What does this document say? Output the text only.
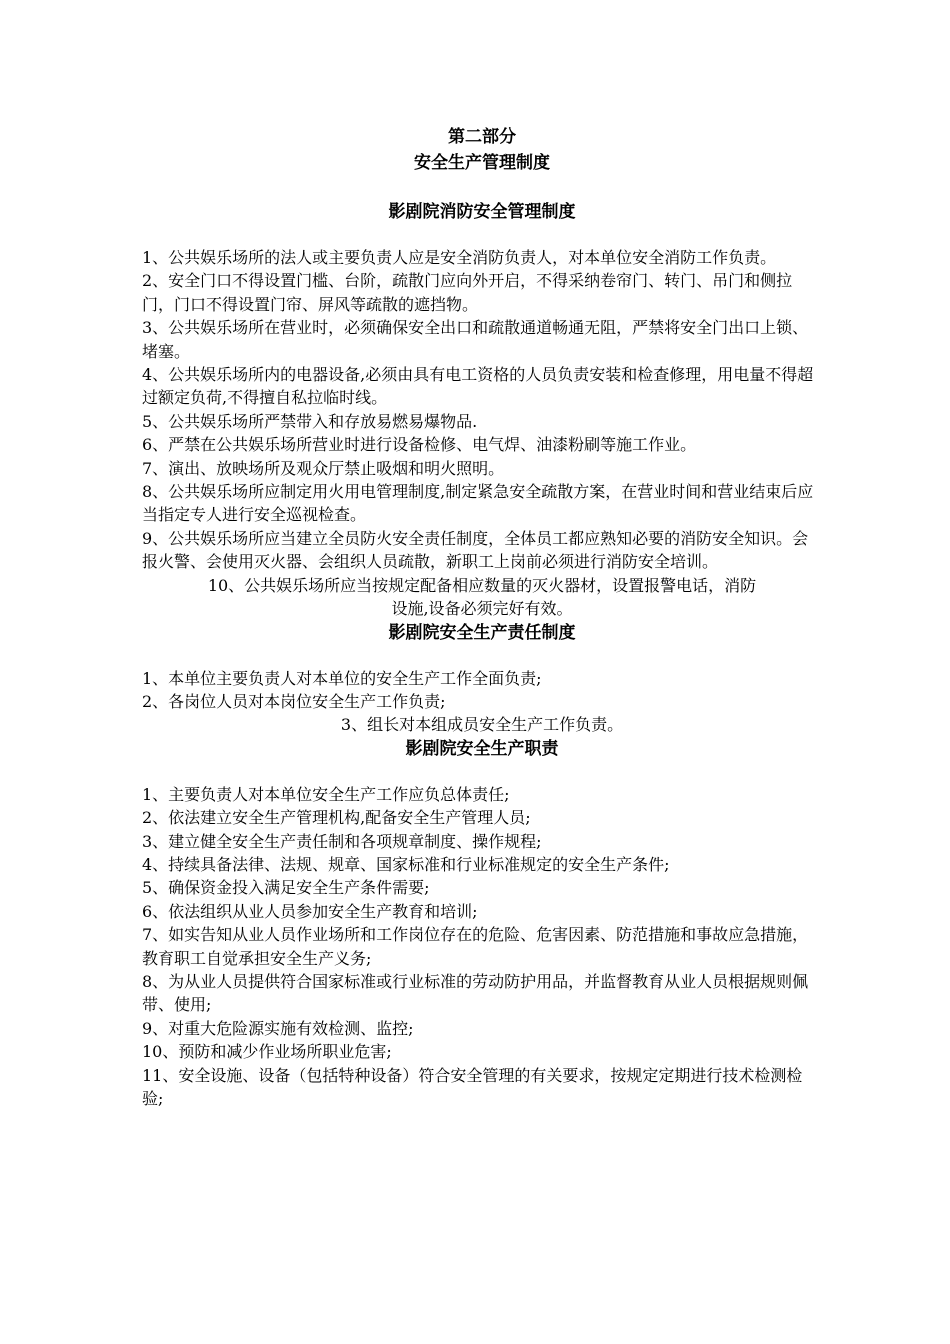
第二部分
安全生产管理制度
影剧院消防安全管理制度

1、公共娱乐场所的法人或主要负责人应是安全消防负责人，对本单位安全消防工作负责。

2、安全门口不得设置门槛、台阶，疏散门应向外开启，不得采纳卷帘门、转门、吊门和侧拉门，门口不得设置门帘、屏风等疏散的遮挡物。

3、公共娱乐场所在营业时，必须确保安全出口和疏散通道畅通无阻，严禁将安全门出口上锁、堵塞。

4、公共娱乐场所内的电器设备,必须由具有电工资格的人员负责安装和检查修理，用电量不得超过额定负荷,不得擅自私拉临时线。

5、公共娱乐场所严禁带入和存放易燃易爆物品.

6、严禁在公共娱乐场所营业时进行设备检修、电气焊、油漆粉刷等施工作业。

7、演出、放映场所及观众厅禁止吸烟和明火照明。

8、公共娱乐场所应制定用火用电管理制度,制定紧急安全疏散方案，在营业时间和营业结束后应当指定专人进行安全巡视检查。

9、公共娱乐场所应当建立全员防火安全责任制度，全体员工都应熟知必要的消防安全知识。会报火警、会使用灭火器、会组织人员疏散，新职工上岗前必须进行消防安全培训。

10、公共娱乐场所应当按规定配备相应数量的灭火器材，设置报警电话，消防

设施,设备必须完好有效。

影剧院安全生产责任制度

1、本单位主要负责人对本单位的安全生产工作全面负责;

2、各岗位人员对本岗位安全生产工作负责;

3、组长对本组成员安全生产工作负责。

影剧院安全生产职责

1、主要负责人对本单位安全生产工作应负总体责任;

2、依法建立安全生产管理机构,配备安全生产管理人员;

3、建立健全安全生产责任制和各项规章制度、操作规程;

4、持续具备法律、法规、规章、国家标准和行业标准规定的安全生产条件;

5、确保资金投入满足安全生产条件需要;

6、依法组织从业人员参加安全生产教育和培训;

7、如实告知从业人员作业场所和工作岗位存在的危险、危害因素、防范措施和事故应急措施，教育职工自觉承担安全生产义务;

8、为从业人员提供符合国家标准或行业标准的劳动防护用品，并监督教育从业人员根据规则佩带、使用;

9、对重大危险源实施有效检测、监控;

10、预防和减少作业场所职业危害;

11、安全设施、设备（包括特种设备）符合安全管理的有关要求，按规定定期进行技术检测检验;
